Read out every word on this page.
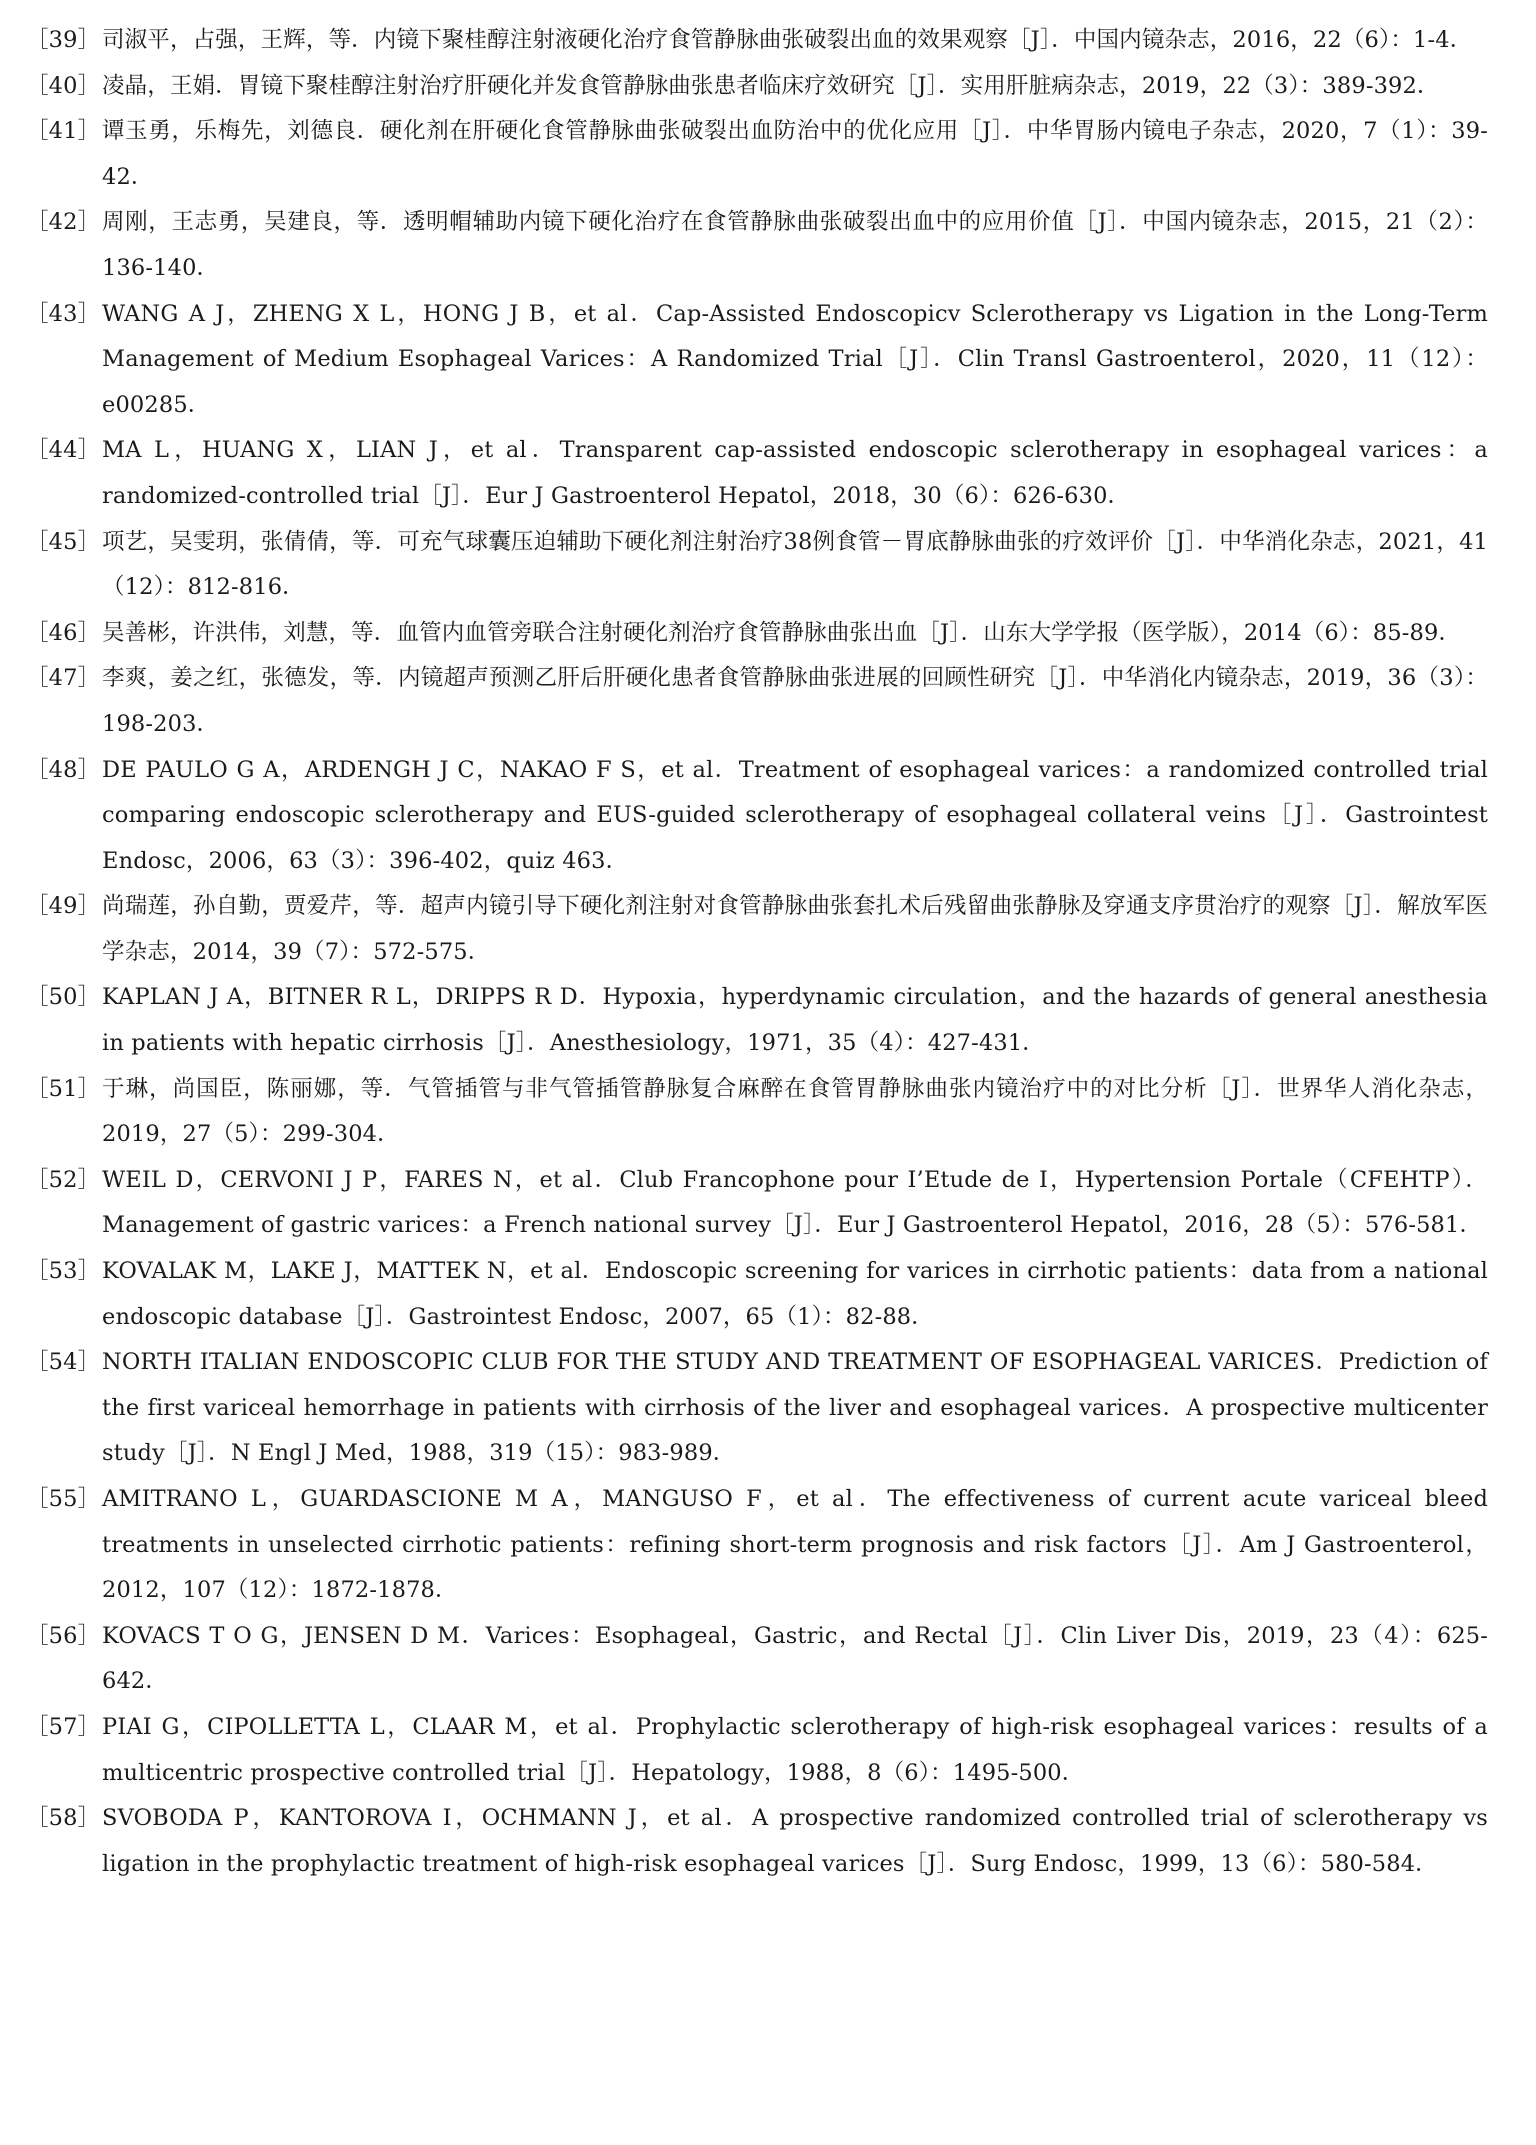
［39］ 司淑平，占强，王辉，等．内镜下聚桂醇注射液硬化治疗食管静脉曲张破裂出血的效果观察［J］．中国内镜杂志，2016，22（6）：1-4．
［40］ 凌晶，王娟．胃镜下聚桂醇注射治疗肝硬化并发食管静脉曲张患者临床疗效研究［J］．实用肝脏病杂志，2019，22（3）：389-392．
［41］ 谭玉勇，乐梅先，刘德良．硬化剂在肝硬化食管静脉曲张破裂出血防治中的优化应用［J］．中华胃肠内镜电子杂志，2020，7（1）：39-42．
［42］ 周刚，王志勇，吴建良，等．透明帽辅助内镜下硬化治疗在食管静脉曲张破裂出血中的应用价值［J］．中国内镜杂志，2015，21（2）：136-140．
［43］ WANG A J，ZHENG X L，HONG J B，et al．Cap-Assisted Endoscopicv Sclerotherapy vs Ligation in the Long-Term Management of Medium Esophageal Varices：A Randomized Trial［J］．Clin Transl Gastroenterol，2020，11（12）：e00285．
［44］ MA L，HUANG X，LIAN J，et al．Transparent cap-assisted endoscopic sclerotherapy in esophageal varices：a randomized-controlled trial［J］．Eur J Gastroenterol Hepatol，2018，30（6）：626-630．
［45］ 项艺，吴雯玥，张倩倩，等．可充气球囊压迫辅助下硬化剂注射治疗38例食管－胃底静脉曲张的疗效评价［J］．中华消化杂志，2021，41（12）：812-816．
［46］ 吴善彬，许洪伟，刘慧，等．血管内血管旁联合注射硬化剂治疗食管静脉曲张出血［J］．山东大学学报（医学版），2014（6）：85-89．
［47］ 李爽，姜之红，张德发，等．内镜超声预测乙肝后肝硬化患者食管静脉曲张进展的回顾性研究［J］．中华消化内镜杂志，2019，36（3）：198-203．
［48］ DE PAULO G A，ARDENGH J C，NAKAO F S，et al．Treatment of esophageal varices：a randomized controlled trial comparing endoscopic sclerotherapy and EUS-guided sclerotherapy of esophageal collateral veins［J］．Gastrointest Endosc，2006，63（3）：396-402，quiz 463．
［49］ 尚瑞莲，孙自勤，贾爱芹，等．超声内镜引导下硬化剂注射对食管静脉曲张套扎术后残留曲张静脉及穿通支序贯治疗的观察［J］．解放军医学杂志，2014，39（7）：572-575．
［50］ KAPLAN J A，BITNER R L，DRIPPS R D．Hypoxia，hyperdynamic circulation，and the hazards of general anesthesia in patients with hepatic cirrhosis［J］．Anesthesiology，1971，35（4）：427-431．
［51］ 于琳，尚国臣，陈丽娜，等．气管插管与非气管插管静脉复合麻醉在食管胃静脉曲张内镜治疗中的对比分析［J］．世界华人消化杂志，2019，27（5）：299-304．
［52］ WEIL D，CERVONI J P，FARES N，et al．Club Francophone pour I’Etude de I，Hypertension Portale（CFEHTP）．Management of gastric varices：a French national survey［J］．Eur J Gastroenterol Hepatol，2016，28（5）：576-581．
［53］ KOVALAK M，LAKE J，MATTEK N，et al．Endoscopic screening for varices in cirrhotic patients：data from a national endoscopic database［J］．Gastrointest Endosc，2007，65（1）：82-88．
［54］ NORTH ITALIAN ENDOSCOPIC CLUB FOR THE STUDY AND TREATMENT OF ESOPHAGEAL VARICES．Prediction of the first variceal hemorrhage in patients with cirrhosis of the liver and esophageal varices．A prospective multicenter study［J］．N Engl J Med，1988，319（15）：983-989．
［55］ AMITRANO L，GUARDASCIONE M A，MANGUSO F，et al．The effectiveness of current acute variceal bleed treatments in unselected cirrhotic patients：refining short-term prognosis and risk factors［J］．Am J Gastroenterol，2012，107（12）：1872-1878．
［56］ KOVACS T O G，JENSEN D M．Varices：Esophageal，Gastric，and Rectal［J］．Clin Liver Dis，2019，23（4）：625-642．
［57］ PIAI G，CIPOLLETTA L，CLAAR M，et al．Prophylactic sclerotherapy of high-risk esophageal varices：results of a multicentric prospective controlled trial［J］．Hepatology，1988，8（6）：1495-500．
［58］ SVOBODA P，KANTOROVA I，OCHMANN J，et al．A prospective randomized controlled trial of sclerotherapy vs ligation in the prophylactic treatment of high-risk esophageal varices［J］．Surg Endosc，1999，13（6）：580-584．
